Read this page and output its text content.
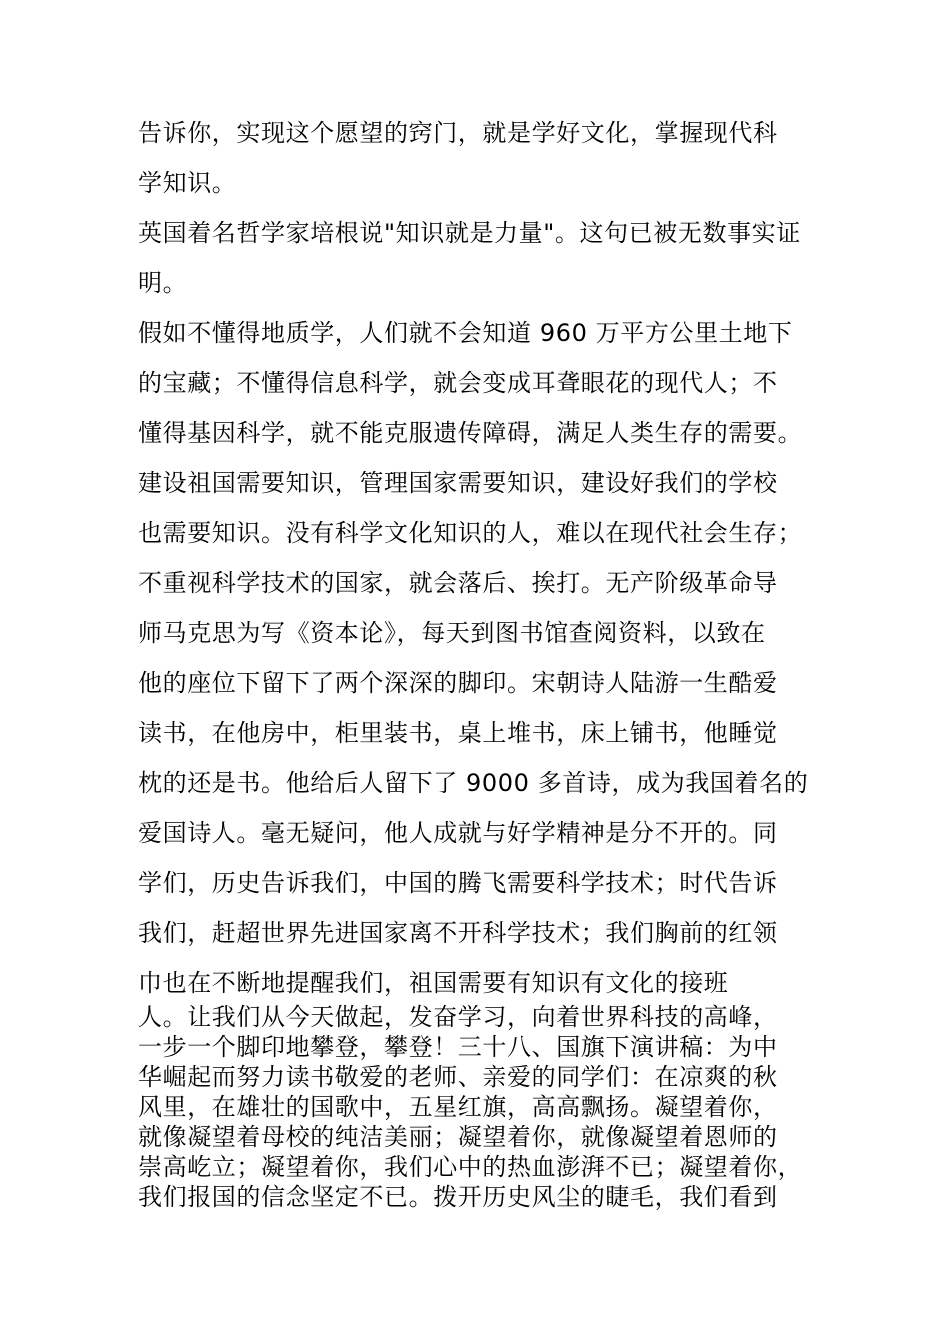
告诉你，实现这个愿望的窍门，就是学好文化，掌握现代科
学知识。
英国着名哲学家培根说"知识就是力量"。这句已被无数事实证
明。
假如不懂得地质学，人们就不会知道 960 万平方公里土地下
的宝藏；不懂得信息科学，就会变成耳聋眼花的现代人；不
懂得基因科学，就不能克服遗传障碍，满足人类生存的需要。
建设祖国需要知识，管理国家需要知识，建设好我们的学校
也需要知识。没有科学文化知识的人，难以在现代社会生存；
不重视科学技术的国家，就会落后、挨打。无产阶级革命导
师马克思为写《资本论》，每天到图书馆查阅资料，以致在
他的座位下留下了两个深深的脚印。宋朝诗人陆游一生酷爱
读书，在他房中，柜里装书，桌上堆书，床上铺书，他睡觉
枕的还是书。他给后人留下了 9000 多首诗，成为我国着名的
爱国诗人。毫无疑问，他人成就与好学精神是分不开的。同
学们，历史告诉我们，中国的腾飞需要科学技术；时代告诉
我们，赶超世界先进国家离不开科学技术；我们胸前的红领
巾也在不断地提醒我们，祖国需要有知识有文化的接班
人。让我们从今天做起，发奋学习，向着世界科技的高峰，
一步一个脚印地攀登，攀登！三十八、国旗下演讲稿：为中
华崛起而努力读书敬爱的老师、亲爱的同学们：在凉爽的秋
风里，在雄壮的国歌中，五星红旗，高高飘扬。凝望着你，
就像凝望着母校的纯洁美丽；凝望着你，就像凝望着恩师的
崇高屹立；凝望着你，我们心中的热血澎湃不已；凝望着你，
我们报国的信念坚定不已。拨开历史风尘的睫毛，我们看到
